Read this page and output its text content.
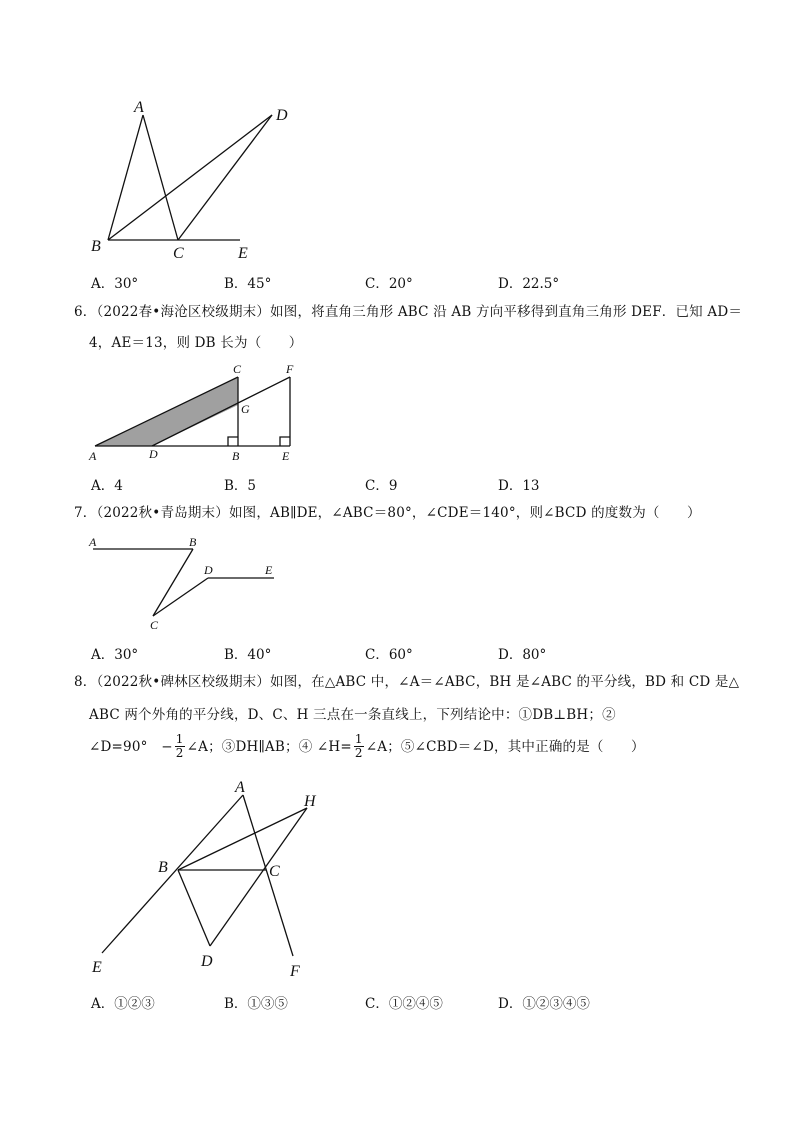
A	D
B	C	E
A．30°	B．45°	C．20°	D．22.5°
6．（2022春•海沧区校级期末）如图，将直角三角形 ABC 沿 AB 方向平移得到直角三角形 DEF．已知 AD＝
4，AE＝13，则 DB 长为（　　）
A	D	B	E
C	F
G
A．4	B．5	C．9	D．13
7．（2022秋•青岛期末）如图，AB∥DE，∠ABC＝80°，∠CDE＝140°，则∠BCD 的度数为（　　）
A	B
C
D	E
A．30°	B．40°	C．60°	D．80°
8．（2022秋•碑林区校级期末）如图，在△ABC 中，∠A＝∠ABC，BH 是∠ABC 的平分线，BD 和 CD 是△
ABC 两个外角的平分线，D、C、H 三点在一条直线上，下列结论中：①DB⊥BH；②
∠D=90°　− $\frac{1}{2}$ ∠A；③DH∥AB；④ ∠H= $\frac{1}{2}$ ∠A；⑤∠CBD＝∠D，其中正确的是（　　）
A
H
B	C
E	D
F
A．①②③	B．①③⑤	C．①②④⑤	D．①②③④⑤
